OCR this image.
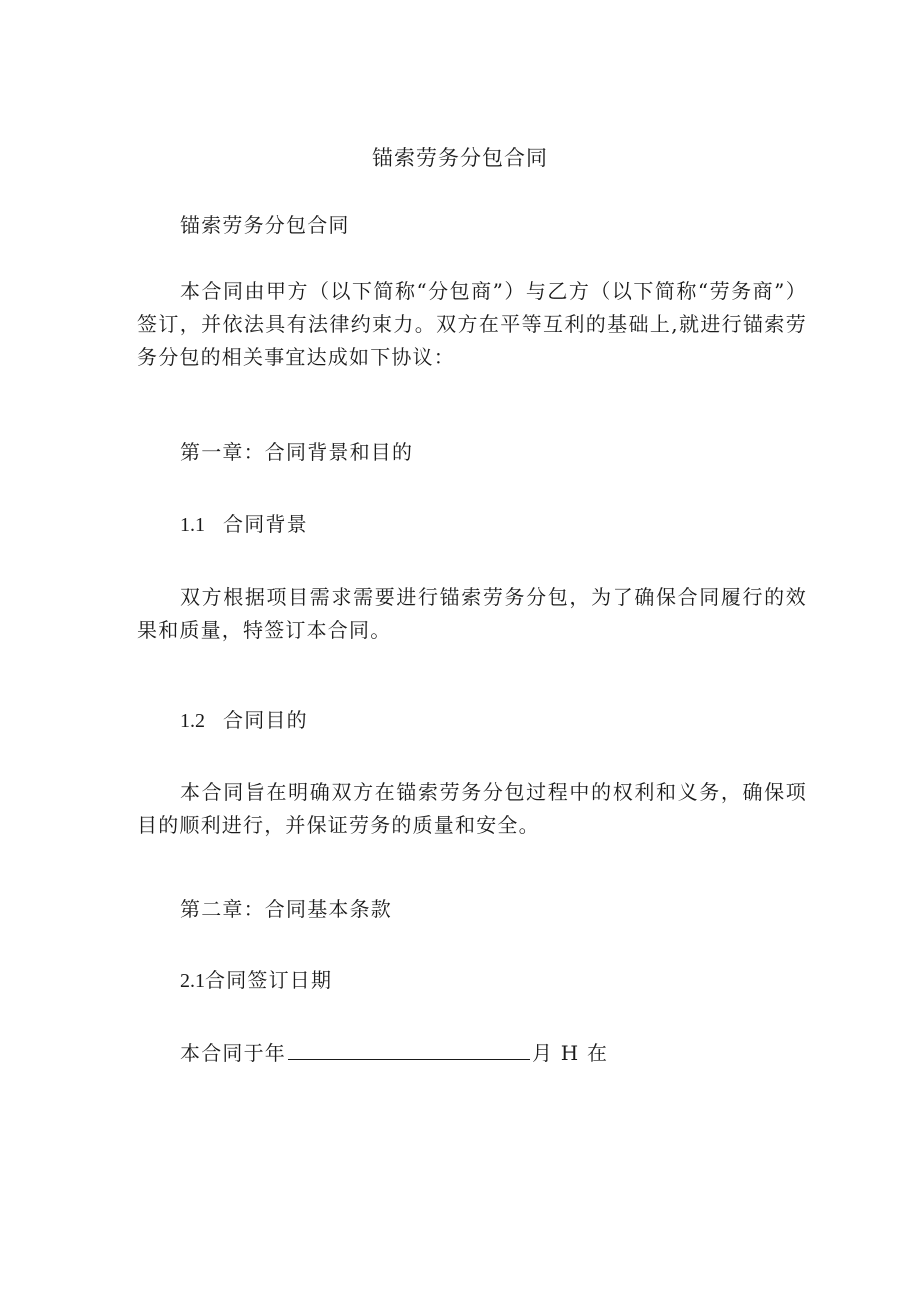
锚索劳务分包合同

锚索劳务分包合同

本合同由甲方（以下简称“分包商”）与乙方（以下简称“劳务商”）签订，并依法具有法律约束力。双方在平等互利的基础上,就进行锚索劳务分包的相关事宜达成如下协议：

第一章：合同背景和目的

1.1 合同背景

双方根据项目需求需要进行锚索劳务分包，为了确保合同履行的效果和质量，特签订本合同。

1.2 合同目的

本合同旨在明确双方在锚索劳务分包过程中的权利和义务，确保项目的顺利进行，并保证劳务的质量和安全。

第二章：合同基本条款

2.1合同签订日期

本合同于年	月 H 在
